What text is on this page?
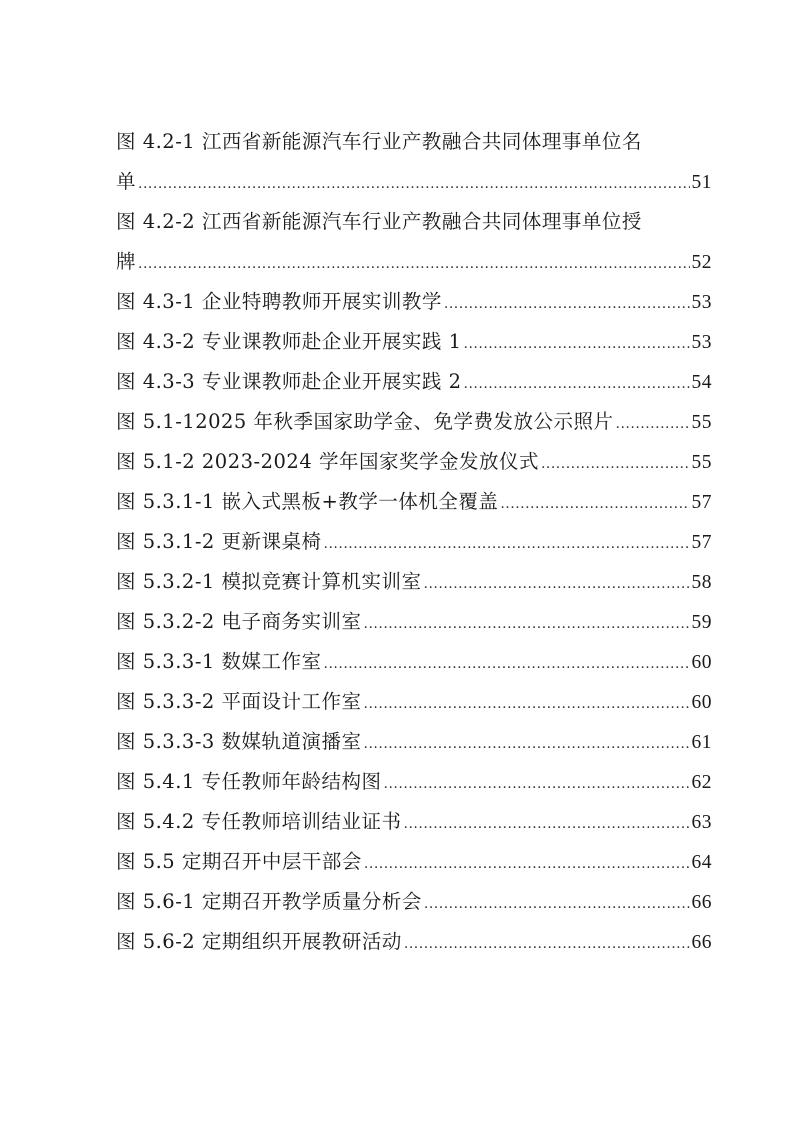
图 4.2-1 江西省新能源汽车行业产教融合共同体理事单位名
单 .....	51
图 4.2-2 江西省新能源汽车行业产教融合共同体理事单位授
牌 .....	52
图 4.3-1 企业特聘教师开展实训教学 .....	53
图 4.3-2 专业课教师赴企业开展实践 1 .....	53
图 4.3-3 专业课教师赴企业开展实践 2 .....	54
图 5.1-12025 年秋季国家助学金、免学费发放公示照片 .....	55
图 5.1-2 2023-2024 学年国家奖学金发放仪式 .....	55
图 5.3.1-1 嵌入式黑板+教学一体机全覆盖 .....	57
图 5.3.1-2 更新课桌椅 .....	57
图 5.3.2-1 模拟竞赛计算机实训室 .....	58
图 5.3.2-2 电子商务实训室 .....	59
图 5.3.3-1 数媒工作室 .....	60
图 5.3.3-2 平面设计工作室 .....	60
图 5.3.3-3 数媒轨道演播室 .....	61
图 5.4.1 专任教师年龄结构图 .....	62
图 5.4.2 专任教师培训结业证书 .....	63
图 5.5 定期召开中层干部会 .....	64
图 5.6-1 定期召开教学质量分析会 .....	66
图 5.6-2 定期组织开展教研活动 .....	66
